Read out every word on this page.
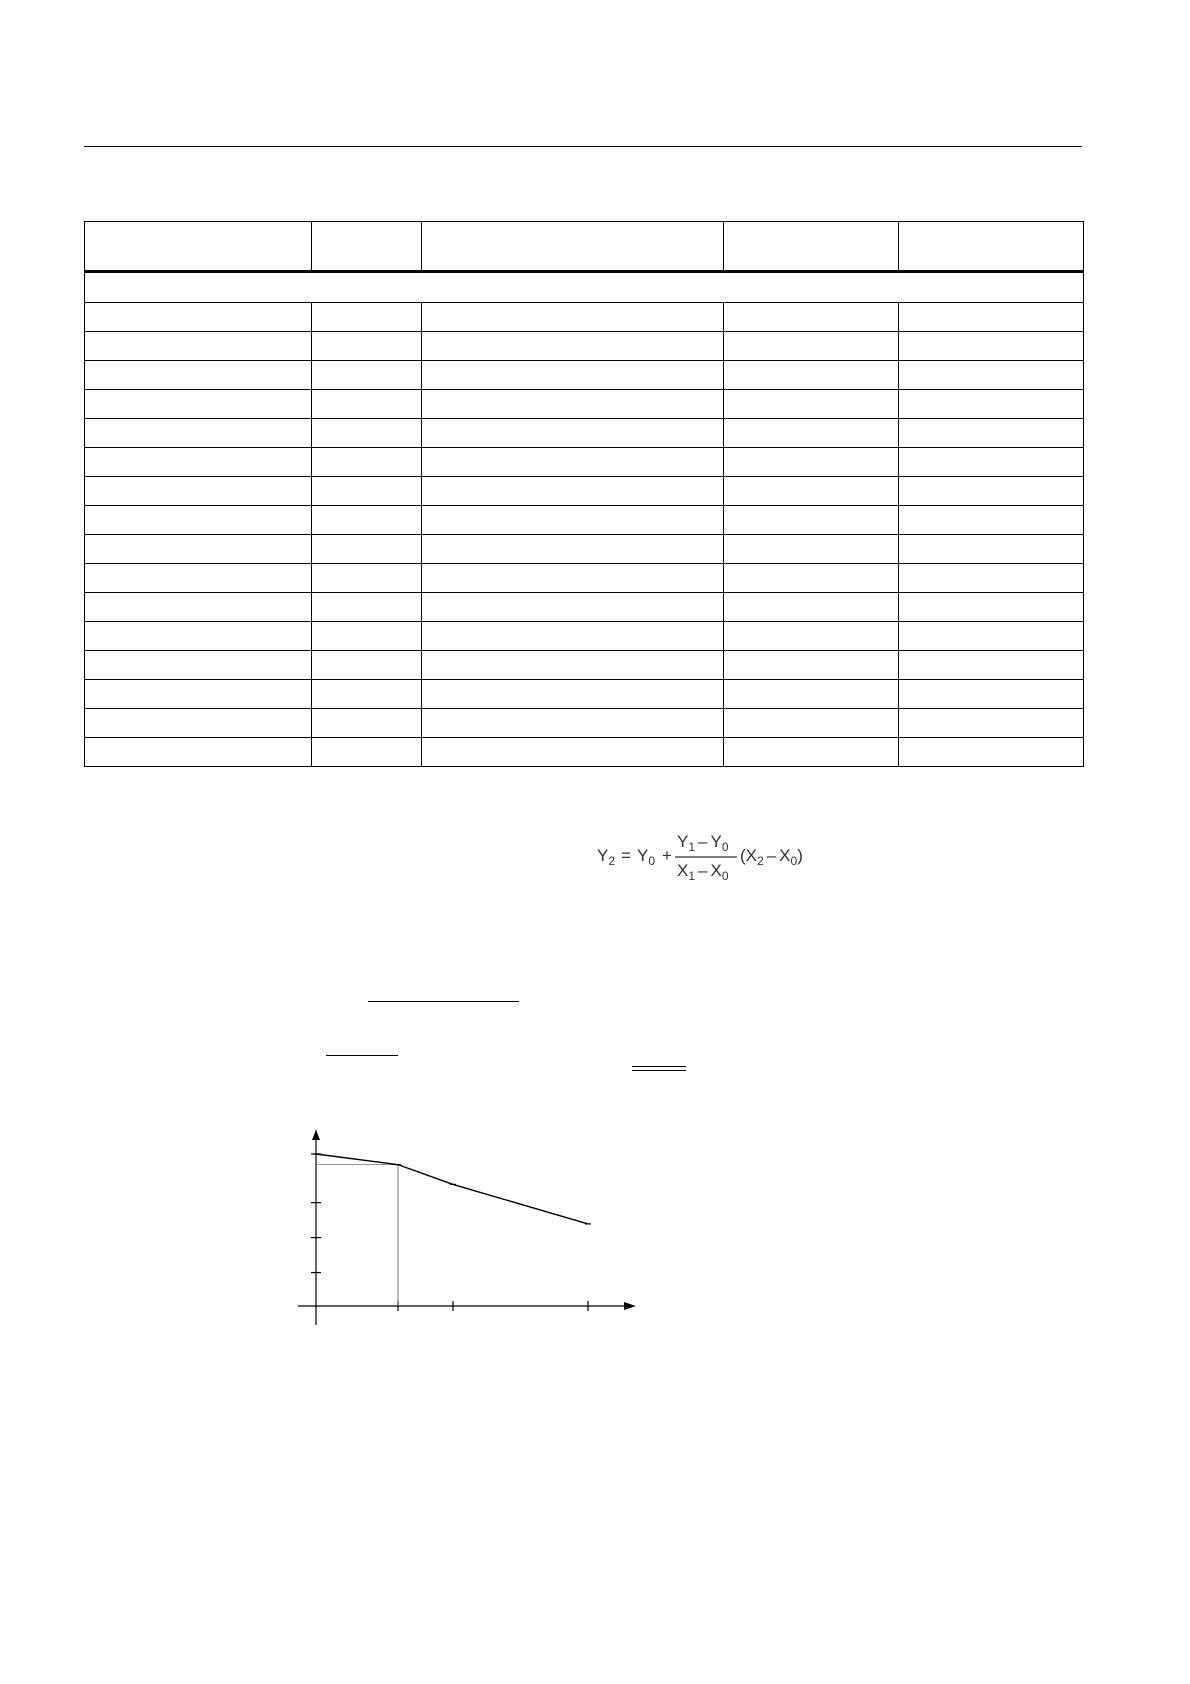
$Y_2 = Y_0$ +
$Y_1 - Y_0$
$X_1 - X_0$
$(X_2 - X_0)$
